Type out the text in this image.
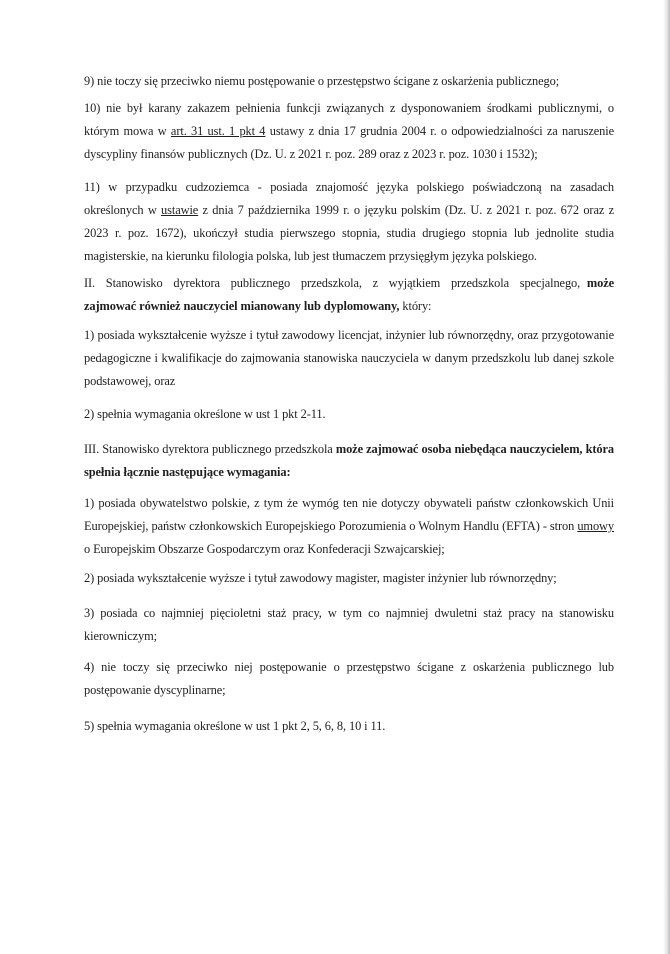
9) nie toczy się przeciwko niemu postępowanie o przestępstwo ścigane z oskarżenia publicznego;

10) nie był karany zakazem pełnienia funkcji związanych z dysponowaniem środkami publicznymi, o którym mowa w art. 31 ust. 1 pkt 4 ustawy z dnia 17 grudnia 2004 r. o odpowiedzialności za naruszenie dyscypliny finansów publicznych (Dz. U. z 2021 r. poz. 289 oraz z 2023 r. poz. 1030 i 1532);

11) w przypadku cudzoziemca - posiada znajomość języka polskiego poświadczoną na zasadach określonych w ustawie z dnia 7 października 1999 r. o języku polskim (Dz. U. z 2021 r. poz. 672 oraz z 2023 r. poz. 1672), ukończył studia pierwszego stopnia, studia drugiego stopnia lub jednolite studia magisterskie, na kierunku filologia polska, lub jest tłumaczem przysięgłym języka polskiego.

II. Stanowisko dyrektora publicznego przedszkola, z wyjątkiem przedszkola specjalnego, może zajmować również nauczyciel mianowany lub dyplomowany, który:

1) posiada wykształcenie wyższe i tytuł zawodowy licencjat, inżynier lub równorzędny, oraz przygotowanie pedagogiczne i kwalifikacje do zajmowania stanowiska nauczyciela w danym przedszkolu lub danej szkole podstawowej, oraz

2) spełnia wymagania określone w ust 1 pkt 2-11.

III. Stanowisko dyrektora publicznego przedszkola może zajmować osoba niebędąca nauczycielem, która spełnia łącznie następujące wymagania:

1) posiada obywatelstwo polskie, z tym że wymóg ten nie dotyczy obywateli państw członkowskich Unii Europejskiej, państw członkowskich Europejskiego Porozumienia o Wolnym Handlu (EFTA) - stron umowy o Europejskim Obszarze Gospodarczym oraz Konfederacji Szwajcarskiej;

2) posiada wykształcenie wyższe i tytuł zawodowy magister, magister inżynier lub równorzędny;

3) posiada co najmniej pięcioletni staż pracy, w tym co najmniej dwuletni staż pracy na stanowisku kierowniczym;

4) nie toczy się przeciwko niej postępowanie o przestępstwo ścigane z oskarżenia publicznego lub postępowanie dyscyplinarne;

5) spełnia wymagania określone w ust 1 pkt 2, 5, 6, 8, 10 i 11.
